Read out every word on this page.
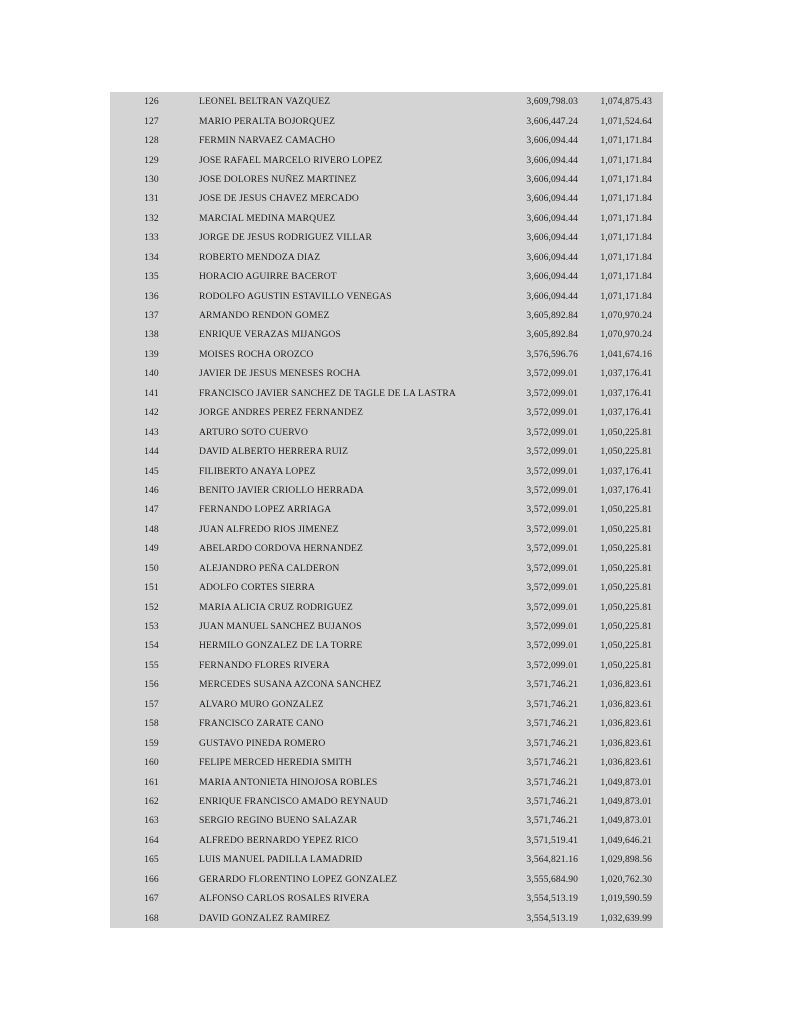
126	LEONEL BELTRAN VAZQUEZ	3,609,798.03	1,074,875.43
127	MARIO PERALTA BOJORQUEZ	3,606,447.24	1,071,524.64
128	FERMIN NARVAEZ CAMACHO	3,606,094.44	1,071,171.84
129	JOSE RAFAEL MARCELO RIVERO LOPEZ	3,606,094.44	1,071,171.84
130	JOSE DOLORES NUÑEZ MARTINEZ	3,606,094.44	1,071,171.84
131	JOSE DE JESUS CHAVEZ MERCADO	3,606,094.44	1,071,171.84
132	MARCIAL MEDINA MARQUEZ	3,606,094.44	1,071,171.84
133	JORGE DE JESUS RODRIGUEZ VILLAR	3,606,094.44	1,071,171.84
134	ROBERTO MENDOZA DIAZ	3,606,094.44	1,071,171.84
135	HORACIO AGUIRRE BACEROT	3,606,094.44	1,071,171.84
136	RODOLFO AGUSTIN ESTAVILLO VENEGAS	3,606,094.44	1,071,171.84
137	ARMANDO RENDON GOMEZ	3,605,892.84	1,070,970.24
138	ENRIQUE VERAZAS MIJANGOS	3,605,892.84	1,070,970.24
139	MOISES ROCHA OROZCO	3,576,596.76	1,041,674.16
140	JAVIER DE JESUS MENESES ROCHA	3,572,099.01	1,037,176.41
141	FRANCISCO JAVIER SANCHEZ DE TAGLE DE LA LASTRA	3,572,099.01	1,037,176.41
142	JORGE ANDRES PEREZ FERNANDEZ	3,572,099.01	1,037,176.41
143	ARTURO SOTO CUERVO	3,572,099.01	1,050,225.81
144	DAVID ALBERTO HERRERA RUIZ	3,572,099.01	1,050,225.81
145	FILIBERTO ANAYA LOPEZ	3,572,099.01	1,037,176.41
146	BENITO JAVIER CRIOLLO HERRADA	3,572,099.01	1,037,176.41
147	FERNANDO LOPEZ ARRIAGA	3,572,099.01	1,050,225.81
148	JUAN ALFREDO RIOS JIMENEZ	3,572,099.01	1,050,225.81
149	ABELARDO CORDOVA HERNANDEZ	3,572,099.01	1,050,225.81
150	ALEJANDRO PEÑA CALDERON	3,572,099.01	1,050,225.81
151	ADOLFO CORTES SIERRA	3,572,099.01	1,050,225.81
152	MARIA ALICIA CRUZ RODRIGUEZ	3,572,099.01	1,050,225.81
153	JUAN MANUEL SANCHEZ BUJANOS	3,572,099.01	1,050,225.81
154	HERMILO GONZALEZ DE LA TORRE	3,572,099.01	1,050,225.81
155	FERNANDO FLORES RIVERA	3,572,099.01	1,050,225.81
156	MERCEDES SUSANA AZCONA SANCHEZ	3,571,746.21	1,036,823.61
157	ALVARO MURO GONZALEZ	3,571,746.21	1,036,823.61
158	FRANCISCO ZARATE CANO	3,571,746.21	1,036,823.61
159	GUSTAVO PINEDA ROMERO	3,571,746.21	1,036,823.61
160	FELIPE MERCED HEREDIA SMITH	3,571,746.21	1,036,823.61
161	MARIA ANTONIETA HINOJOSA ROBLES	3,571,746.21	1,049,873.01
162	ENRIQUE FRANCISCO AMADO REYNAUD	3,571,746.21	1,049,873.01
163	SERGIO REGINO BUENO SALAZAR	3,571,746.21	1,049,873.01
164	ALFREDO BERNARDO YEPEZ RICO	3,571,519.41	1,049,646.21
165	LUIS MANUEL PADILLA LAMADRID	3,564,821.16	1,029,898.56
166	GERARDO FLORENTINO LOPEZ GONZALEZ	3,555,684.90	1,020,762.30
167	ALFONSO CARLOS ROSALES RIVERA	3,554,513.19	1,019,590.59
168	DAVID GONZALEZ RAMIREZ	3,554,513.19	1,032,639.99
